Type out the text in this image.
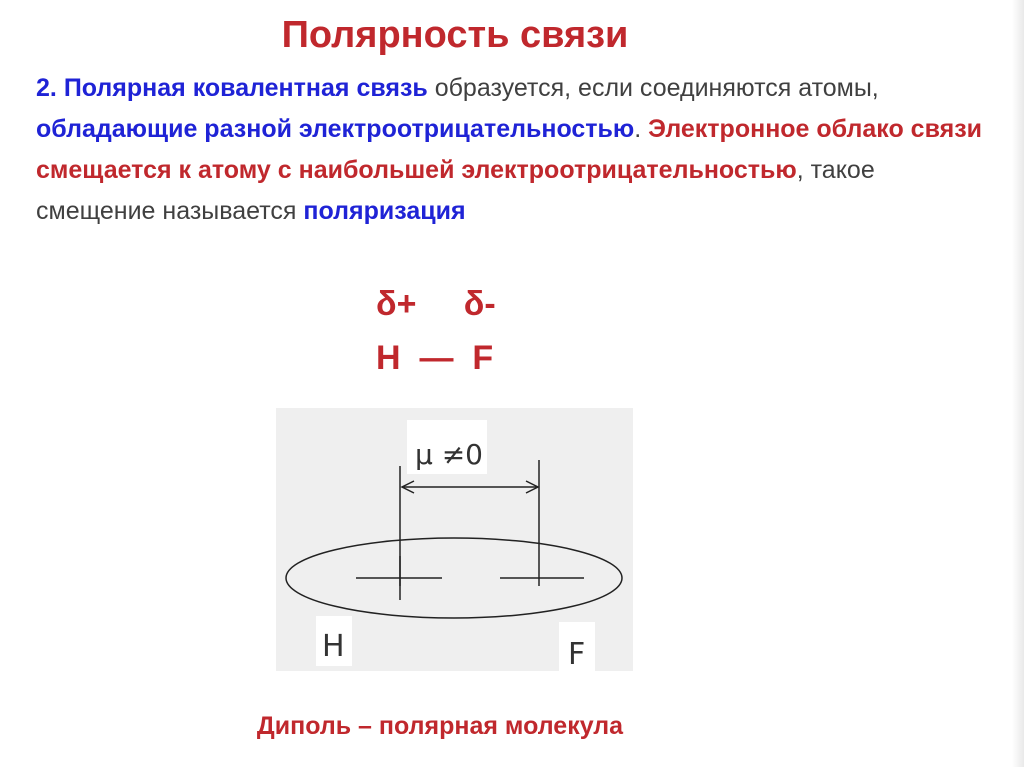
Полярность связи
2. Полярная ковалентная связь образуется, если соединяются атомы, обладающие разной электроотрицательностью. Электронное облако связи смещается к атому с наибольшей электроотрицательностью, такое смещение называется поляризация
δ+     δ-
H  —  F
μ ≠0
H	F
Диполь – полярная молекула
